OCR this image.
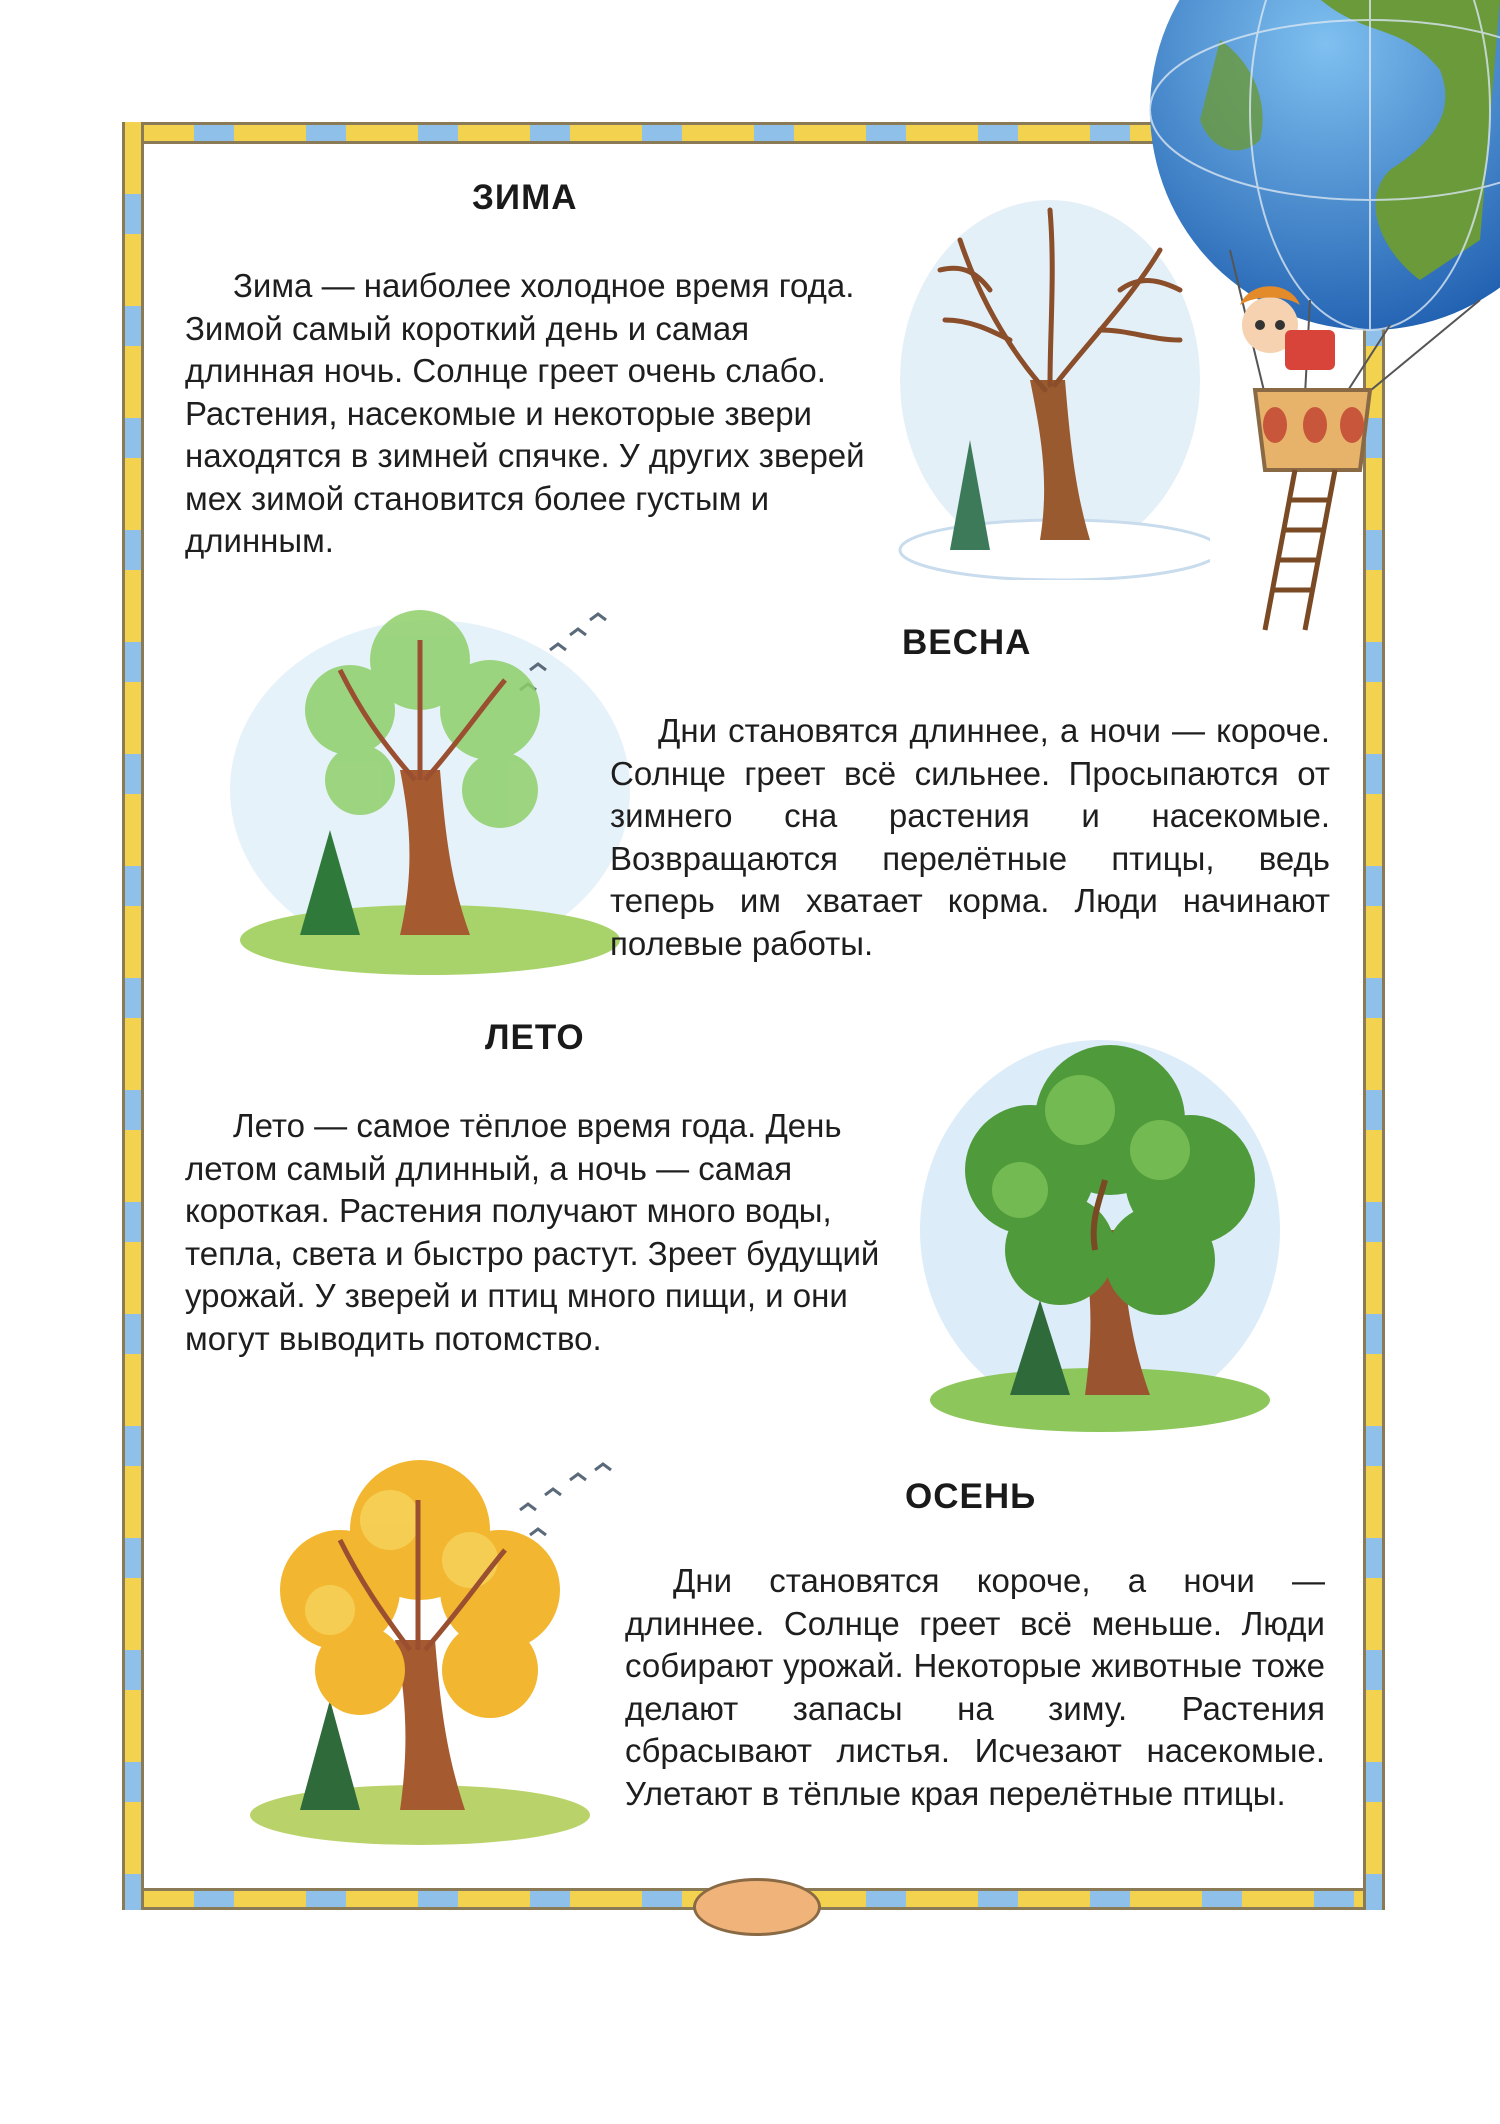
ЗИМА

Зима — наиболее холодное время года. Зимой самый короткий день и самая длинная ночь. Солнце греет очень слабо. Растения, насекомые и некоторые звери находятся в зимней спячке. У других зверей мех зимой становится более густым и длинным.

ВЕСНА

Дни становятся длиннее, а ночи — короче. Солнце греет всё сильнее. Просыпаются от зимнего сна растения и насекомые. Возвращаются перелётные птицы, ведь теперь им хватает корма. Люди начинают полевые работы.

ЛЕТО

Лето — самое тёплое время года. День летом самый длинный, а ночь — самая короткая. Растения получают много воды, тепла, света и быстро растут. Зреет будущий урожай. У зверей и птиц много пищи, и они могут выводить потомство.

ОСЕНЬ

Дни становятся короче, а ночи — длиннее. Солнце греет всё меньше. Люди собирают урожай. Некоторые животные тоже делают запасы на зиму. Растения сбрасывают листья. Исчезают насекомые. Улетают в тёплые края перелётные птицы.
